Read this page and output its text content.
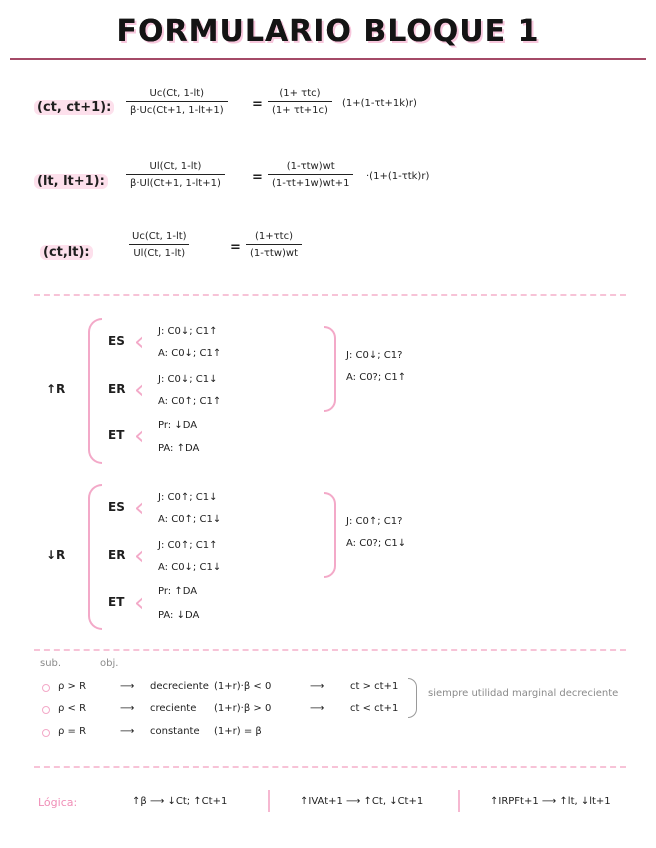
FORMULARIO BLOQUE 1
(ct, ct+1):	$\frac{Uc(Ct, 1-lt)}{\beta\cdot Uc(Ct+1, 1-lt+1)}$ =
(1+ τtc)
(1+ τt+1c)
(1+(1-τt+1k)r)
(lt, lt+1):	$\frac{Ul(Ct, 1-lt)}{\beta\cdot Ul(Ct+1, 1-lt+1)}$ =
(1-τtw)wt
(1-τt+1w)wt+1
·(1+(1-τtk)r)
(ct,lt):	$\frac{Uc(Ct, 1-lt)}{Ul(Ct, 1-lt)}$	=
(1+τtc)
(1-τtw)wt
↑R
ES ‹ J: C0↓; C1↑
A: C0↓; C1↑
ER ‹ J: C0↓; C1↓
A: C0↑; C1↑
ET ‹ Pr: ↓DA
PA: ↑DA
J: C0↓; C1?
A: C0?; C1↑
↓R
ES ‹ J: C0↑; C1↓
A: C0↑; C1↓
ER ‹ J: C0↑; C1↑
A: C0↓; C1↓
ET ‹ Pr: ↑DA
PA: ↓DA
J: C0↑; C1?
A: C0?; C1↓
sub.	obj.
ρ > R	⟶ decreciente (1+r)·β < 0	⟶	ct > ct+1
ρ < R	⟶ creciente (1+r)·β > 0	⟶	ct < ct+1
ρ = R	⟶ constante (1+r) = β
siempre utilidad marginal decreciente
Lógica:	↑β ⟶ ↓Ct; ↑Ct+1	↑IVAt+1 ⟶ ↑Ct, ↓Ct+1	↑IRPFt+1 ⟶ ↑lt, ↓lt+1
